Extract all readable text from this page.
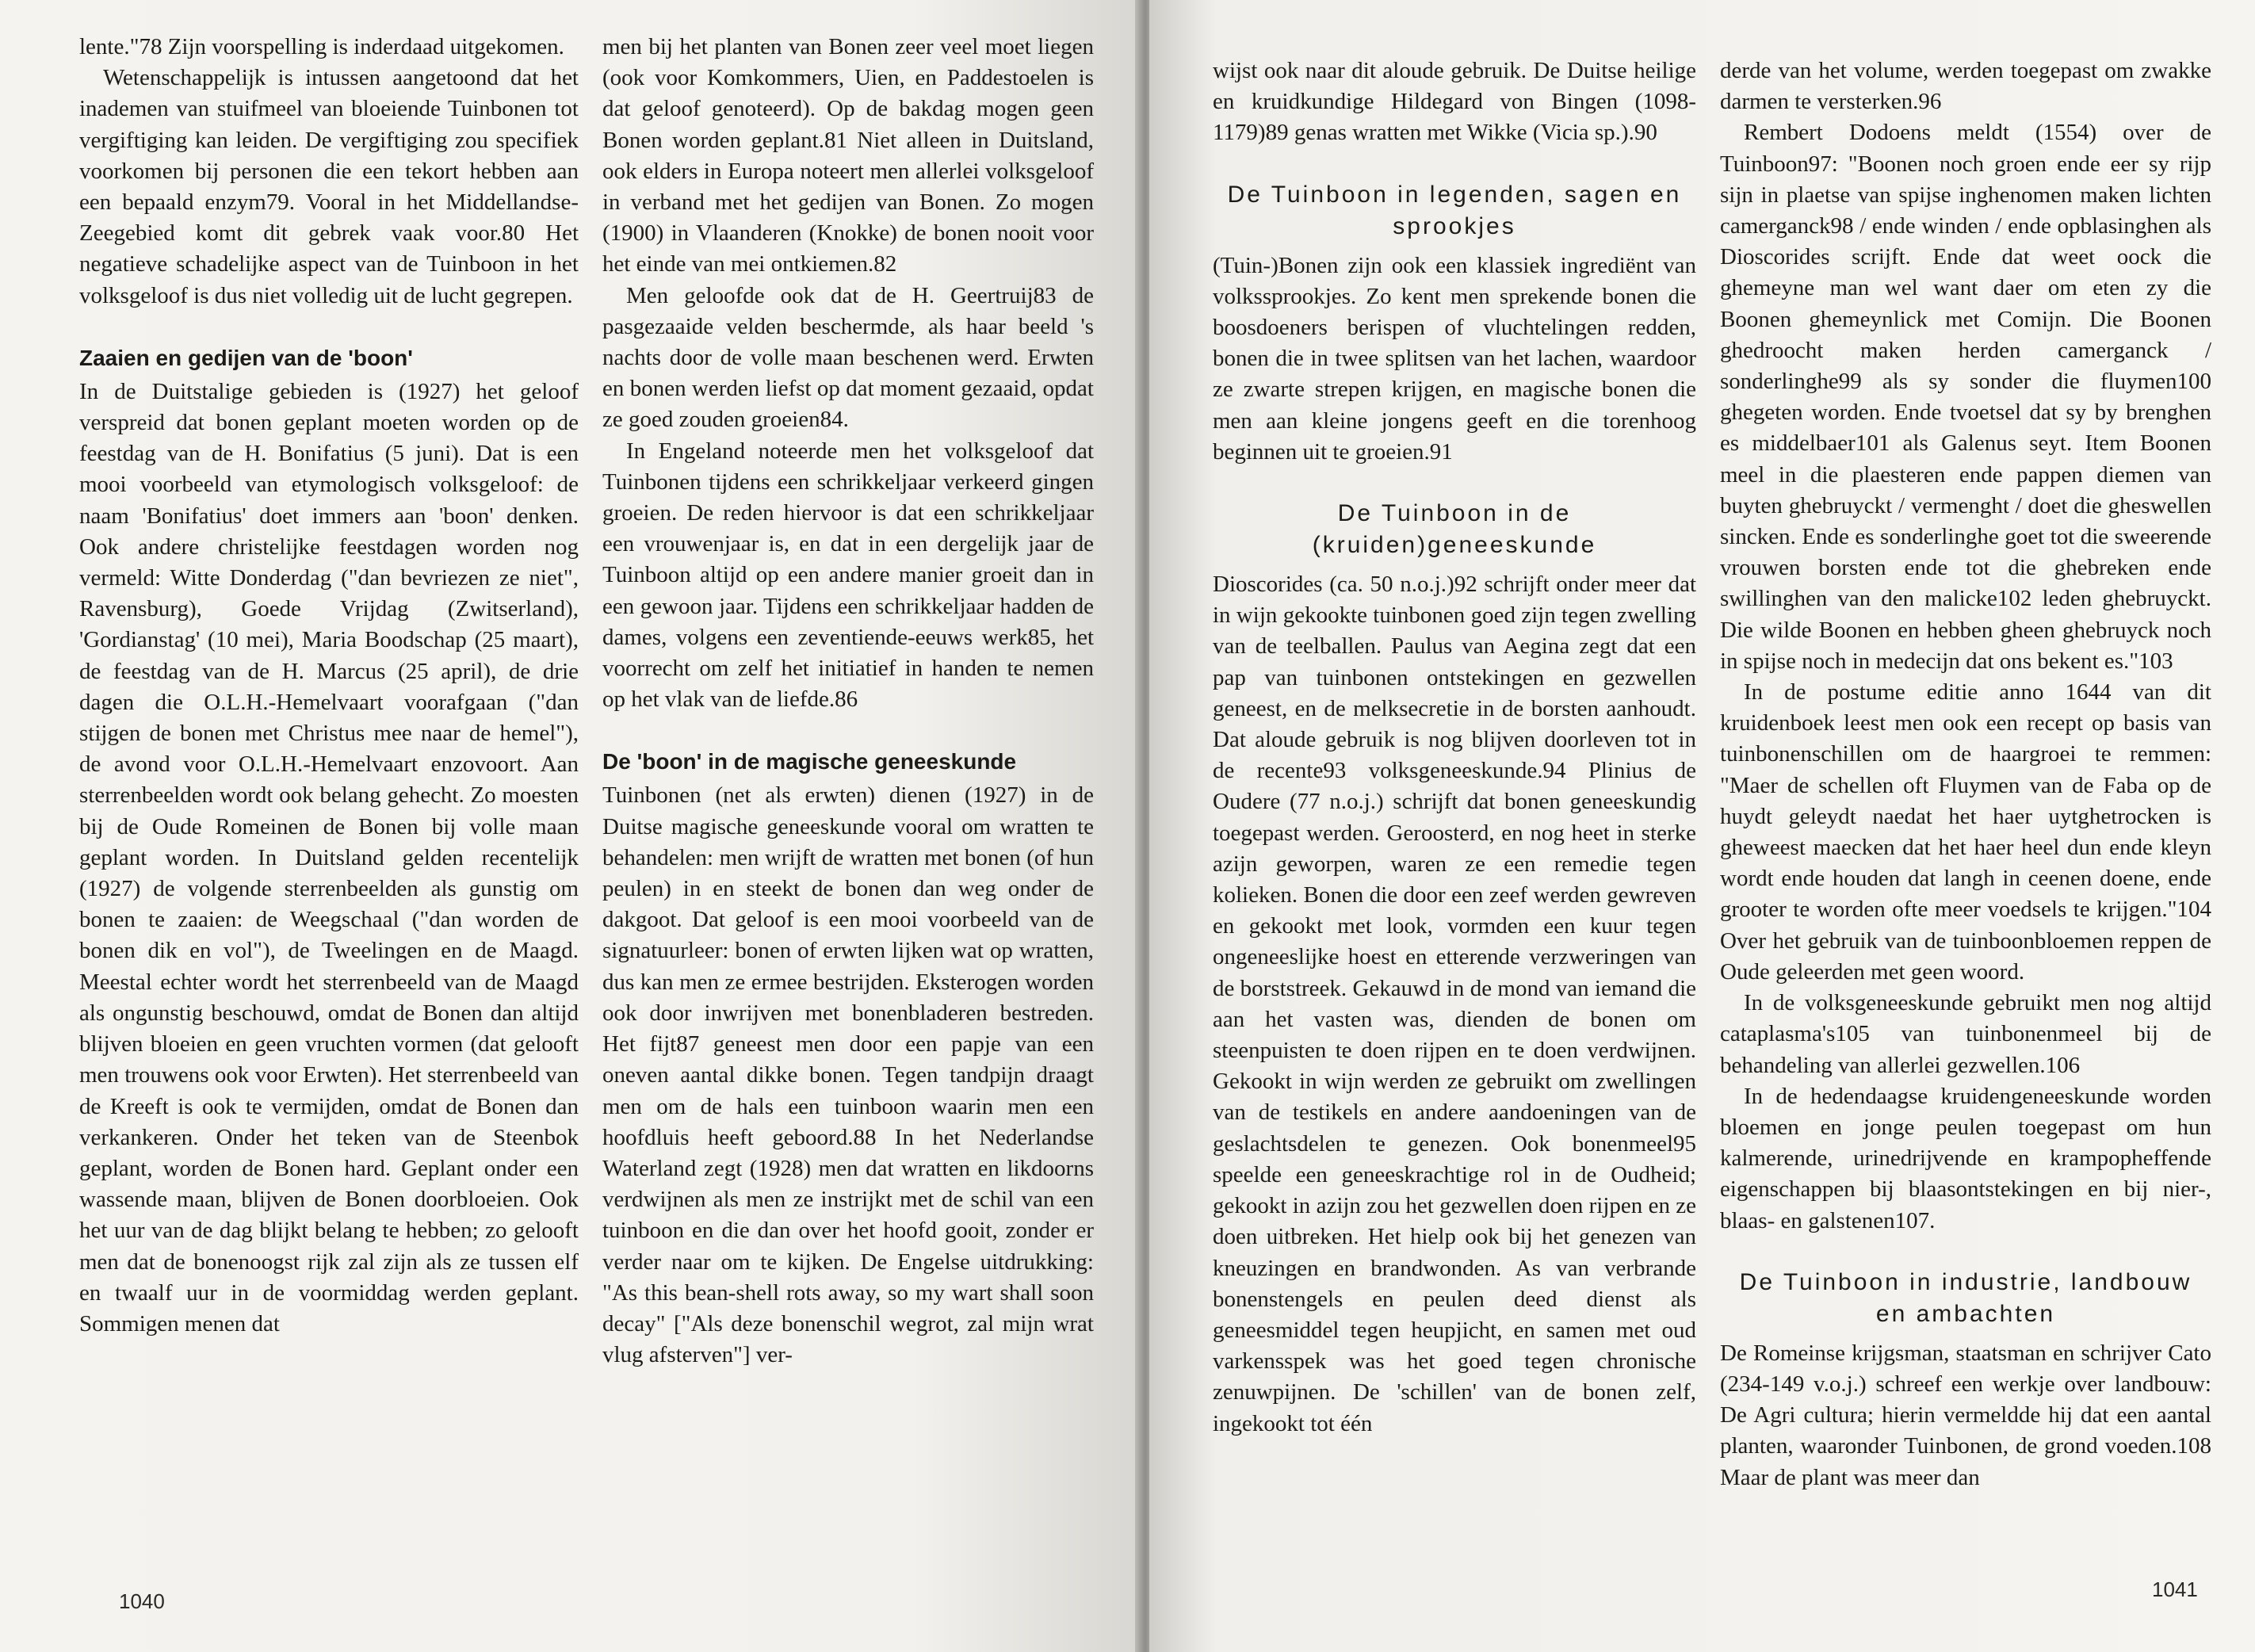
lente."78 Zijn voorspelling is inderdaad uitgekomen.

Wetenschappelijk is intussen aangetoond dat het inademen van stuifmeel van bloeiende Tuinbonen tot vergiftiging kan leiden. De vergiftiging zou specifiek voorkomen bij personen die een tekort hebben aan een bepaald enzym79. Vooral in het Middellandse-Zeegebied komt dit gebrek vaak voor.80 Het negatieve schadelijke aspect van de Tuinboon in het volksgeloof is dus niet volledig uit de lucht gegrepen.

Zaaien en gedijen van de 'boon'

In de Duitstalige gebieden is (1927) het geloof verspreid dat bonen geplant moeten worden op de feestdag van de H. Bonifatius (5 juni). Dat is een mooi voorbeeld van etymologisch volksgeloof: de naam 'Bonifatius' doet immers aan 'boon' denken. Ook andere christelijke feestdagen worden nog vermeld: Witte Donderdag ("dan bevriezen ze niet", Ravensburg), Goede Vrijdag (Zwitserland), 'Gordianstag' (10 mei), Maria Boodschap (25 maart), de feestdag van de H. Marcus (25 april), de drie dagen die O.L.H.-Hemelvaart voorafgaan ("dan stijgen de bonen met Christus mee naar de hemel"), de avond voor O.L.H.-Hemelvaart enzovoort. Aan sterrenbeelden wordt ook belang gehecht. Zo moesten bij de Oude Romeinen de Bonen bij volle maan geplant worden. In Duitsland gelden recentelijk (1927) de volgende sterrenbeelden als gunstig om bonen te zaaien: de Weegschaal ("dan worden de bonen dik en vol"), de Tweelingen en de Maagd. Meestal echter wordt het sterrenbeeld van de Maagd als ongunstig beschouwd, omdat de Bonen dan altijd blijven bloeien en geen vruchten vormen (dat gelooft men trouwens ook voor Erwten). Het sterrenbeeld van de Kreeft is ook te vermijden, omdat de Bonen dan verkankeren. Onder het teken van de Steenbok geplant, worden de Bonen hard. Geplant onder een wassende maan, blijven de Bonen doorbloeien. Ook het uur van de dag blijkt belang te hebben; zo gelooft men dat de bonenoogst rijk zal zijn als ze tussen elf en twaalf uur in de voormiddag werden geplant. Sommigen menen dat

men bij het planten van Bonen zeer veel moet liegen (ook voor Komkommers, Uien, en Paddestoelen is dat geloof genoteerd). Op de bakdag mogen geen Bonen worden geplant.81 Niet alleen in Duitsland, ook elders in Europa noteert men allerlei volksgeloof in verband met het gedijen van Bonen. Zo mogen (1900) in Vlaanderen (Knokke) de bonen nooit voor het einde van mei ontkiemen.82

Men geloofde ook dat de H. Geertruij83 de pasgezaaide velden beschermde, als haar beeld 's nachts door de volle maan beschenen werd. Erwten en bonen werden liefst op dat moment gezaaid, opdat ze goed zouden groeien84.

In Engeland noteerde men het volksgeloof dat Tuinbonen tijdens een schrikkeljaar verkeerd gingen groeien. De reden hiervoor is dat een schrikkeljaar een vrouwenjaar is, en dat in een dergelijk jaar de Tuinboon altijd op een andere manier groeit dan in een gewoon jaar. Tijdens een schrikkeljaar hadden de dames, volgens een zeventiende-eeuws werk85, het voorrecht om zelf het initiatief in handen te nemen op het vlak van de liefde.86

De 'boon' in de magische geneeskunde

Tuinbonen (net als erwten) dienen (1927) in de Duitse magische geneeskunde vooral om wratten te behandelen: men wrijft de wratten met bonen (of hun peulen) in en steekt de bonen dan weg onder de dakgoot. Dat geloof is een mooi voorbeeld van de signatuurleer: bonen of erwten lijken wat op wratten, dus kan men ze ermee bestrijden. Eksterogen worden ook door inwrijven met bonenbladeren bestreden. Het fijt87 geneest men door een papje van een oneven aantal dikke bonen. Tegen tandpijn draagt men om de hals een tuinboon waarin men een hoofdluis heeft geboord.88 In het Nederlandse Waterland zegt (1928) men dat wratten en likdoorns verdwijnen als men ze instrijkt met de schil van een tuinboon en die dan over het hoofd gooit, zonder er verder naar om te kijken. De Engelse uitdrukking: "As this bean-shell rots away, so my wart shall soon decay" ["Als deze bonenschil wegrot, zal mijn wrat vlug afsterven"] ver-

1040

wijst ook naar dit aloude gebruik. De Duitse heilige en kruidkundige Hildegard von Bingen (1098-1179)89 genas wratten met Wikke (Vicia sp.).90

De Tuinboon in legenden, sagen en sprookjes

(Tuin-)Bonen zijn ook een klassiek ingrediënt van volkssprookjes. Zo kent men sprekende bonen die boosdoeners berispen of vluchtelingen redden, bonen die in twee splitsen van het lachen, waardoor ze zwarte strepen krijgen, en magische bonen die men aan kleine jongens geeft en die torenhoog beginnen uit te groeien.91

De Tuinboon in de (kruiden)geneeskunde

Dioscorides (ca. 50 n.o.j.)92 schrijft onder meer dat in wijn gekookte tuinbonen goed zijn tegen zwelling van de teelballen. Paulus van Aegina zegt dat een pap van tuinbonen ontstekingen en gezwellen geneest, en de melksecretie in de borsten aanhoudt. Dat aloude gebruik is nog blijven doorleven tot in de recente93 volksgeneeskunde.94 Plinius de Oudere (77 n.o.j.) schrijft dat bonen geneeskundig toegepast werden. Geroosterd, en nog heet in sterke azijn geworpen, waren ze een remedie tegen kolieken. Bonen die door een zeef werden gewreven en gekookt met look, vormden een kuur tegen ongeneeslijke hoest en etterende verzweringen van de borststreek. Gekauwd in de mond van iemand die aan het vasten was, dienden de bonen om steenpuisten te doen rijpen en te doen verdwijnen. Gekookt in wijn werden ze gebruikt om zwellingen van de testikels en andere aandoeningen van de geslachtsdelen te genezen. Ook bonenmeel95 speelde een geneeskrachtige rol in de Oudheid; gekookt in azijn zou het gezwellen doen rijpen en ze doen uitbreken. Het hielp ook bij het genezen van kneuzingen en brandwonden. As van verbrande bonenstengels en peulen deed dienst als geneesmiddel tegen heupjicht, en samen met oud varkensspek was het goed tegen chronische zenuwpijnen. De 'schillen' van de bonen zelf, ingekookt tot één

derde van het volume, werden toegepast om zwakke darmen te versterken.96

Rembert Dodoens meldt (1554) over de Tuinboon97: "Boonen noch groen ende eer sy rijp sijn in plaetse van spijse inghenomen maken lichten camerganck98 / ende winden / ende opblasinghen als Dioscorides scrijft. Ende dat weet oock die ghemeyne man wel want daer om eten zy die Boonen ghemeynlick met Comijn. Die Boonen ghedroocht maken herden camerganck / sonderlinghe99 als sy sonder die fluymen100 ghegeten worden. Ende tvoetsel dat sy by brenghen es middelbaer101 als Galenus seyt. Item Boonen meel in die plaesteren ende pappen diemen van buyten ghebruyckt / vermenght / doet die gheswellen sincken. Ende es sonderlinghe goet tot die sweerende vrouwen borsten ende tot die ghebreken ende swillinghen van den malicke102 leden ghebruyckt. Die wilde Boonen en hebben gheen ghebruyck noch in spijse noch in medecijn dat ons bekent es."103

In de postume editie anno 1644 van dit kruidenboek leest men ook een recept op basis van tuinbonenschillen om de haargroei te remmen: "Maer de schellen oft Fluymen van de Faba op de huydt geleydt naedat het haer uytghetrocken is gheweest maecken dat het haer heel dun ende kleyn wordt ende houden dat langh in ceenen doene, ende grooter te worden ofte meer voedsels te krijgen."104 Over het gebruik van de tuinboonbloemen reppen de Oude geleerden met geen woord.

In de volksgeneeskunde gebruikt men nog altijd cataplasma's105 van tuinbonenmeel bij de behandeling van allerlei gezwellen.106

In de hedendaagse kruidengeneeskunde worden bloemen en jonge peulen toegepast om hun kalmerende, urinedrijvende en krampopheffende eigenschappen bij blaasontstekingen en bij nier-, blaas- en galstenen107.

De Tuinboon in industrie, landbouw en ambachten

De Romeinse krijgsman, staatsman en schrijver Cato (234-149 v.o.j.) schreef een werkje over landbouw: De Agri cultura; hierin vermeldde hij dat een aantal planten, waaronder Tuinbonen, de grond voeden.108 Maar de plant was meer dan

1041
